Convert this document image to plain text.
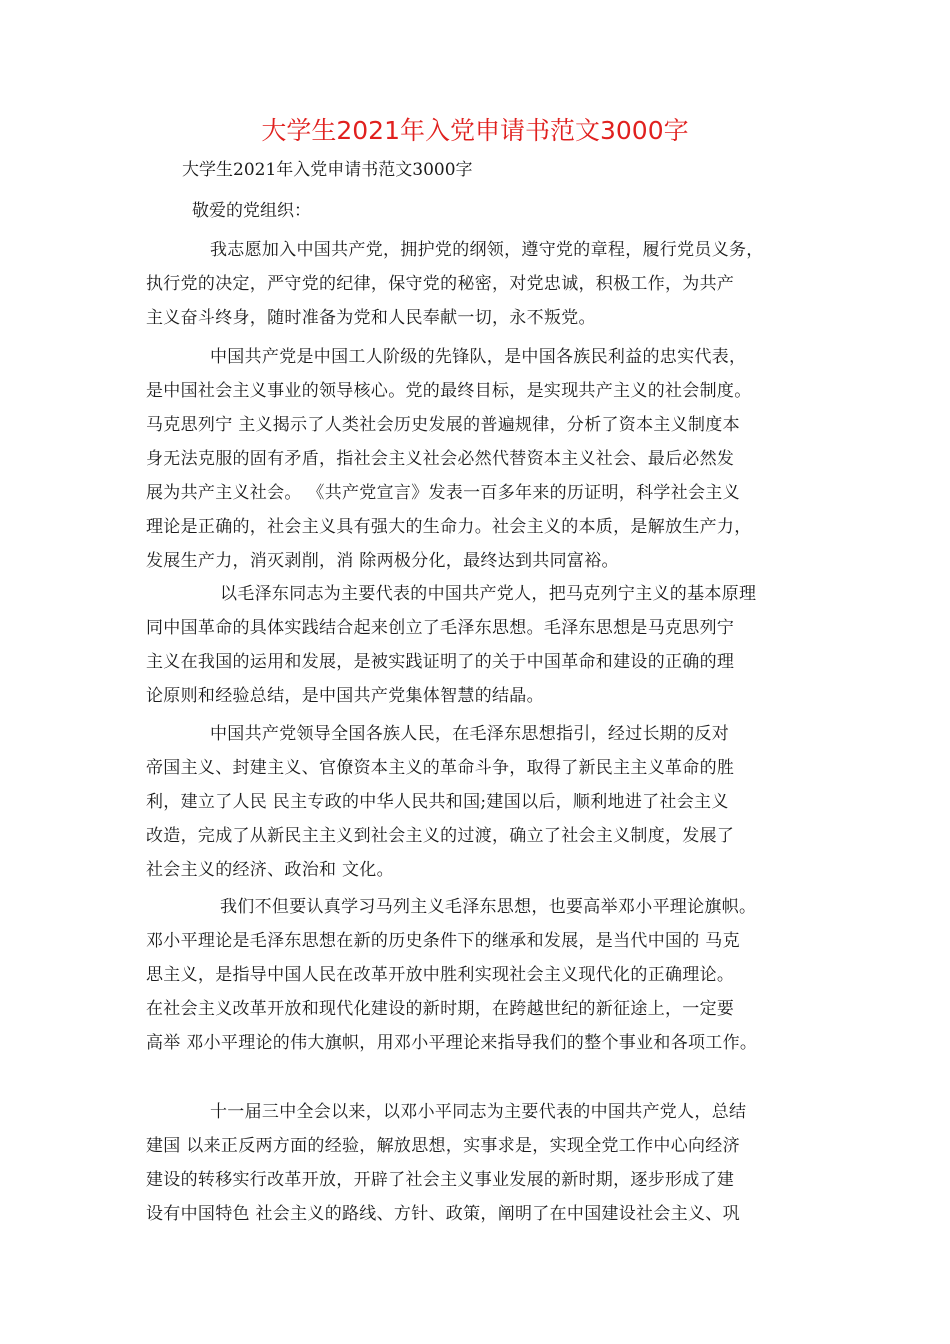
大学生2021年入党申请书范文3000字
大学生2021年入党申请书范文3000字
敬爱的党组织：
我志愿加入中国共产党，拥护党的纲领，遵守党的章程，履行党员义务，
执行党的决定，严守党的纪律，保守党的秘密，对党忠诚，积极工作，为共产
主义奋斗终身，随时准备为党和人民奉献一切，永不叛党。
中国共产党是中国工人阶级的先锋队，是中国各族民利益的忠实代表，
是中国社会主义事业的领导核心。党的最终目标，是实现共产主义的社会制度。
马克思列宁 主义揭示了人类社会历史发展的普遍规律，分析了资本主义制度本
身无法克服的固有矛盾，指社会主义社会必然代替资本主义社会、最后必然发
展为共产主义社会。 《共产党宣言》发表一百多年来的历证明，科学社会主义
理论是正确的，社会主义具有强大的生命力。社会主义的本质，是解放生产力，
发展生产力，消灭剥削，消 除两极分化，最终达到共同富裕。
以毛泽东同志为主要代表的中国共产党人，把马克列宁主义的基本原理
同中国革命的具体实践结合起来创立了毛泽东思想。毛泽东思想是马克思列宁
主义在我国的运用和发展，是被实践证明了的关于中国革命和建设的正确的理
论原则和经验总结，是中国共产党集体智慧的结晶。
中国共产党领导全国各族人民，在毛泽东思想指引，经过长期的反对
帝国主义、封建主义、官僚资本主义的革命斗争，取得了新民主主义革命的胜
利，建立了人民 民主专政的中华人民共和国;建国以后，顺利地进了社会主义
改造，完成了从新民主主义到社会主义的过渡，确立了社会主义制度，发展了
社会主义的经济、政治和 文化。
我们不但要认真学习马列主义毛泽东思想，也要高举邓小平理论旗帜。
邓小平理论是毛泽东思想在新的历史条件下的继承和发展，是当代中国的 马克
思主义，是指导中国人民在改革开放中胜利实现社会主义现代化的正确理论。
在社会主义改革开放和现代化建设的新时期，在跨越世纪的新征途上，一定要
高举 邓小平理论的伟大旗帜，用邓小平理论来指导我们的整个事业和各项工作。
十一届三中全会以来，以邓小平同志为主要代表的中国共产党人，总结
建国 以来正反两方面的经验，解放思想，实事求是，实现全党工作中心向经济
建设的转移实行改革开放，开辟了社会主义事业发展的新时期，逐步形成了建
设有中国特色 社会主义的路线、方针、政策，阐明了在中国建设社会主义、巩
